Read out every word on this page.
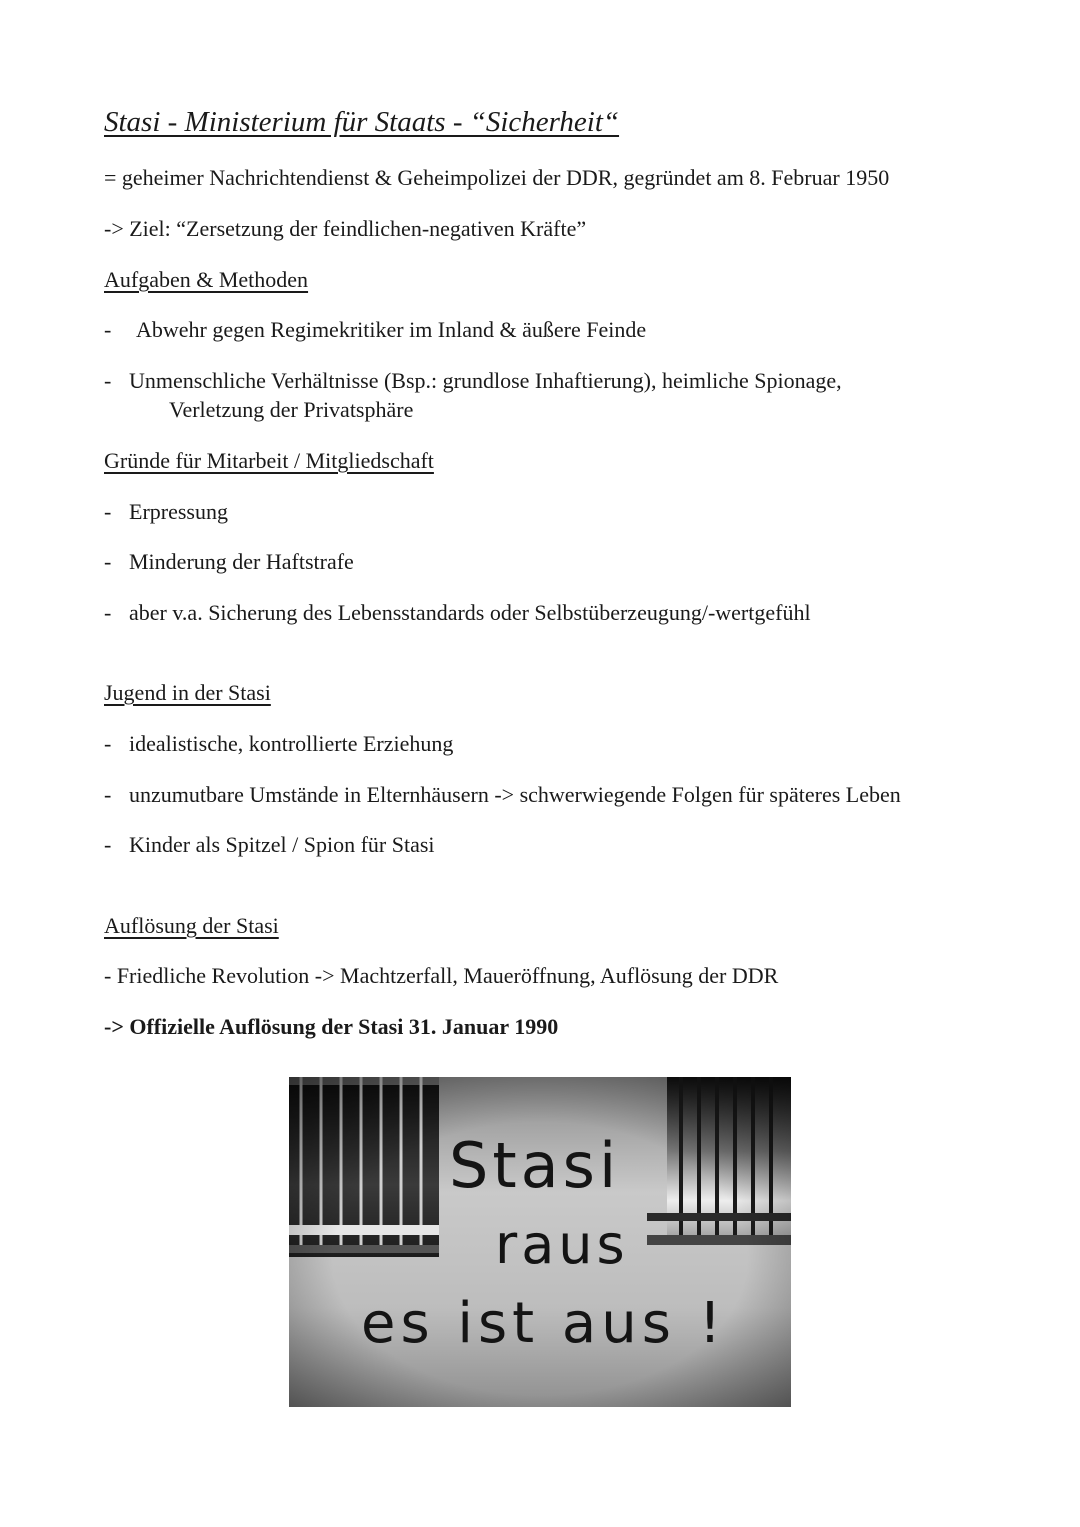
Stasi - Ministerium für Staats - “Sicherheit“
= geheimer Nachrichtendienst & Geheimpolizei der DDR, gegründet am 8. Februar 1950
-> Ziel: “Zersetzung der feindlichen-negativen Kräfte”
Aufgaben & Methoden
- Abwehr gegen Regimekritiker im Inland & äußere Feinde
- Unmenschliche Verhältnisse (Bsp.: grundlose Inhaftierung), heimliche Spionage,
Verletzung der Privatsphäre
Gründe für Mitarbeit / Mitgliedschaft
- Erpressung
- Minderung der Haftstrafe
- aber v.a. Sicherung des Lebensstandards oder Selbstüberzeugung/-wertgefühl
Jugend in der Stasi
- idealistische, kontrollierte Erziehung
- unzumutbare Umstände in Elternhäusern -> schwerwiegende Folgen für späteres Leben
- Kinder als Spitzel / Spion für Stasi
Auflösung der Stasi
- Friedliche Revolution -> Machtzerfall, Maueröffnung, Auflösung der DDR
-> Offizielle Auflösung der Stasi 31. Januar 1990
